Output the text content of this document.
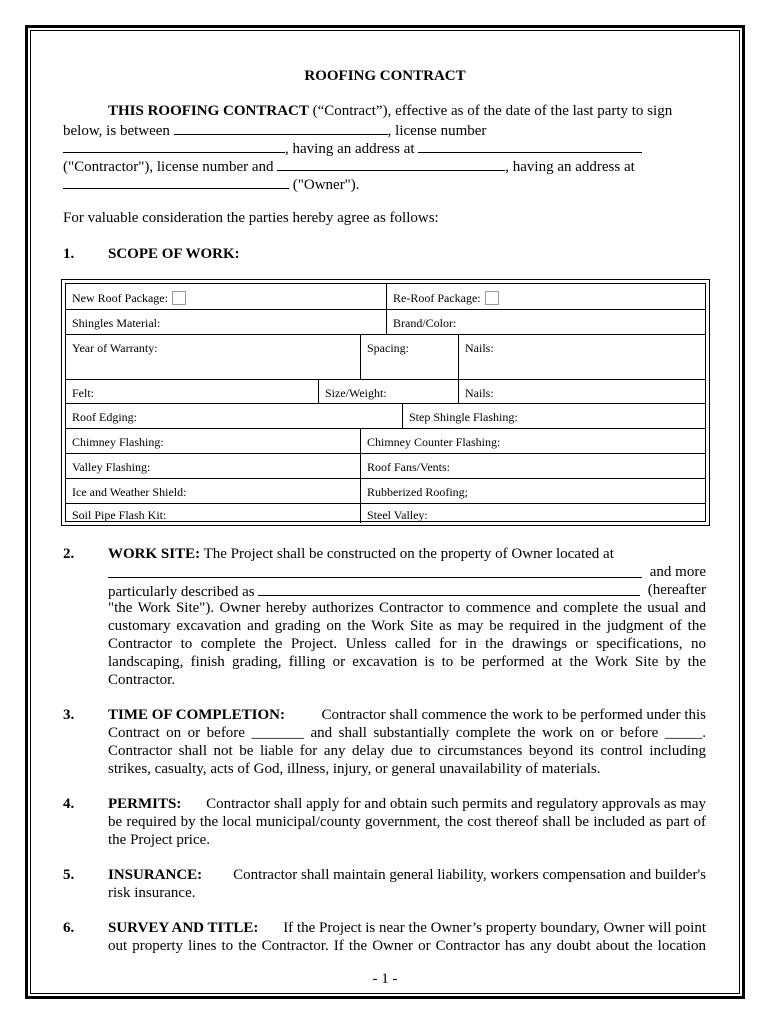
ROOFING CONTRACT
THIS ROOFING CONTRACT (“Contract”), effective as of the date of the last party to sign
below, is between	, license number
, having an address at
("Contractor"), license number and	, having an address at
("Owner").
For valuable consideration the parties hereby agree as follows:
1. SCOPE OF WORK:
New Roof Package:	Re-Roof Package:
Shingles Material:	Brand/Color:
Year of Warranty:	Spacing:	Nails:
Felt:	Size/Weight:	Nails:
Roof Edging:	Step Shingle Flashing:
Chimney Flashing:	Chimney Counter Flashing:
Valley Flashing:	Roof Fans/Vents:
Ice and Weather Shield:	Rubberized Roofing;
Soil Pipe Flash Kit:	Steel Valley:
2. WORK SITE: The Project shall be constructed on the property of Owner located at
and more
particularly described as	(hereafter
"the Work Site"). Owner hereby authorizes Contractor to commence and complete the usual and
customary excavation and grading on the Work Site as may be required in the judgment of the
Contractor to complete the Project. Unless called for in the drawings or specifications, no
landscaping, finish grading, filling or excavation is to be performed at the Work Site by the
Contractor.
3. TIME OF COMPLETION: Contractor shall commence the work to be performed under this
Contract on or before _______ and shall substantially complete the work on or before _____.
Contractor shall not be liable for any delay due to circumstances beyond its control including
strikes, casualty, acts of God, illness, injury, or general unavailability of materials.
4. PERMITS: Contractor shall apply for and obtain such permits and regulatory approvals as may
be required by the local municipal/county government, the cost thereof shall be included as part of
the Project price.
5. INSURANCE: Contractor shall maintain general liability, workers compensation and builder's
risk insurance.
6. SURVEY AND TITLE: If the Project is near the Owner’s property boundary, Owner will point
out property lines to the Contractor. If the Owner or Contractor has any doubt about the location
- 1 -
